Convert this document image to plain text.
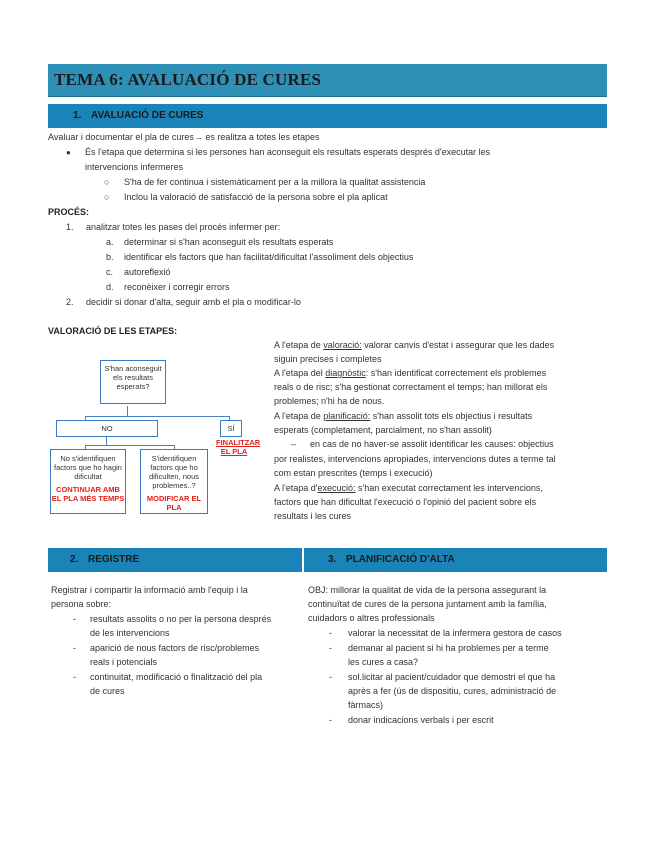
TEMA 6: AVALUACIÓ DE CURES
1. AVALUACIÓ DE CURES
Avaluar i documentar el pla de cures→ es realitza a totes les etapes
● És l'etapa que determina si les persones han aconseguit els resultats esperats després d'executar les
intervencions infermeres
○ S'ha de fer continua i sistemàticament per a la millora la qualitat assistencia
○ Inclou la valoració de satisfacció de la persona sobre el pla aplicat
PROCÉS:
1. analitzar totes les pases del procés infermer per:
a. determinar si s'han aconseguit els resultats esperats
b. identificar els factors que han facilitat/dificultat l'assoliment dels objectius
c. autoreflexió
d. reconèixer i corregir errors
2. decidir si donar d'alta, seguir amb el pla o modificar-lo
VALORACIÓ DE LES ETAPES:
S'han aconseguit els resultats esperats?
NO	SÍ
FINALITZAR EL PLA
No s'identifiquen factors que ho hagin dificultat
CONTINUAR AMB EL PLA MÉS TEMPS
S'identifiquen factors que ho dificulten, nous problemes..?
MODIFICAR EL PLA
A l'etapa de valoració: valorar canvis d'estat i assegurar que les dades
siguin precises i completes
A l'etapa del diagnòstic: s'han identificat correctement els problemes
reals o de risc; s'ha gestionat correctament el temps; han millorat els
problemes; n'hi ha de nous.
A l'etapa de planificació: s'han assolit tots els objectius i resultats
esperats (completament, parcialment, no s'han assolit)
– en cas de no haver-se assolit identificar les causes: objectius
por realistes, intervencions apropiades, intervencions dutes a terme tal
com estan prescrites (temps i execució)
A l'etapa d'execució: s'han executat correctament les intervencions,
factors que han dificultat l'execució o l'opinió del pacient sobre els
resultats i les cures
2. REGISTRE	3. PLANIFICACIÓ D'ALTA
Registrar i compartir la informació amb l'equip i la
persona sobre:
- resultats assolits o no per la persona després
de les intervencions
- aparició de nous factors de risc/problemes
reals i potencials
- continuitat, modificació o finalització del pla
de cures
OBJ: millorar la qualitat de vida de la persona assegurant la
continuïtat de cures de la persona juntament amb la família,
cuidadors o altres professionals
- valorar la necessitat de la infermera gestora de casos
- demanar al pacient si hi ha problemes per a terme
les cures a casa?
- sol.licitar al pacient/cuidador que demostri el que ha
après a fer (ús de dispositiu, cures, administració de
fàrmacs)
- donar indicacions verbals i per escrit
